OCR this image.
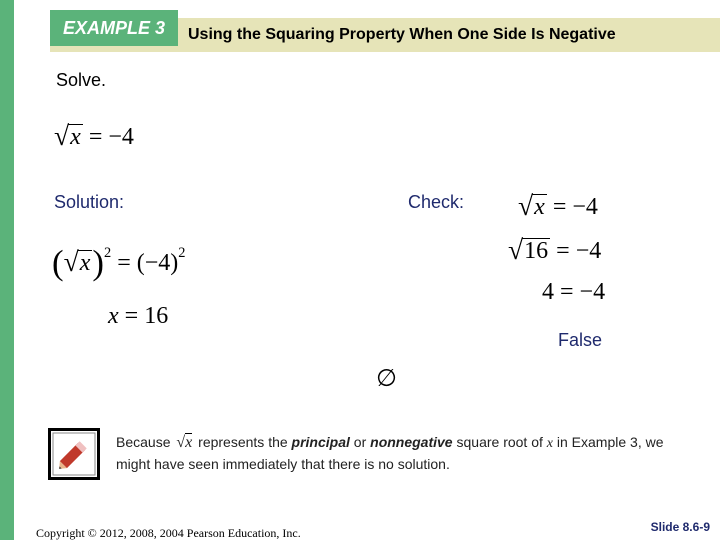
EXAMPLE 3	Using the Squaring Property When One Side Is Negative
Solve.
√x = −4
Solution:	Check:
$(√x)^2 = (-4)^2$
x = 16
√x = −4
√16 = −4
4 = −4
False
∅
Because √x represents the principal or nonnegative square root of x in Example 3, we might have seen immediately that there is no solution.
Copyright © 2012, 2008, 2004 Pearson Education, Inc.	Slide 8.6-9
